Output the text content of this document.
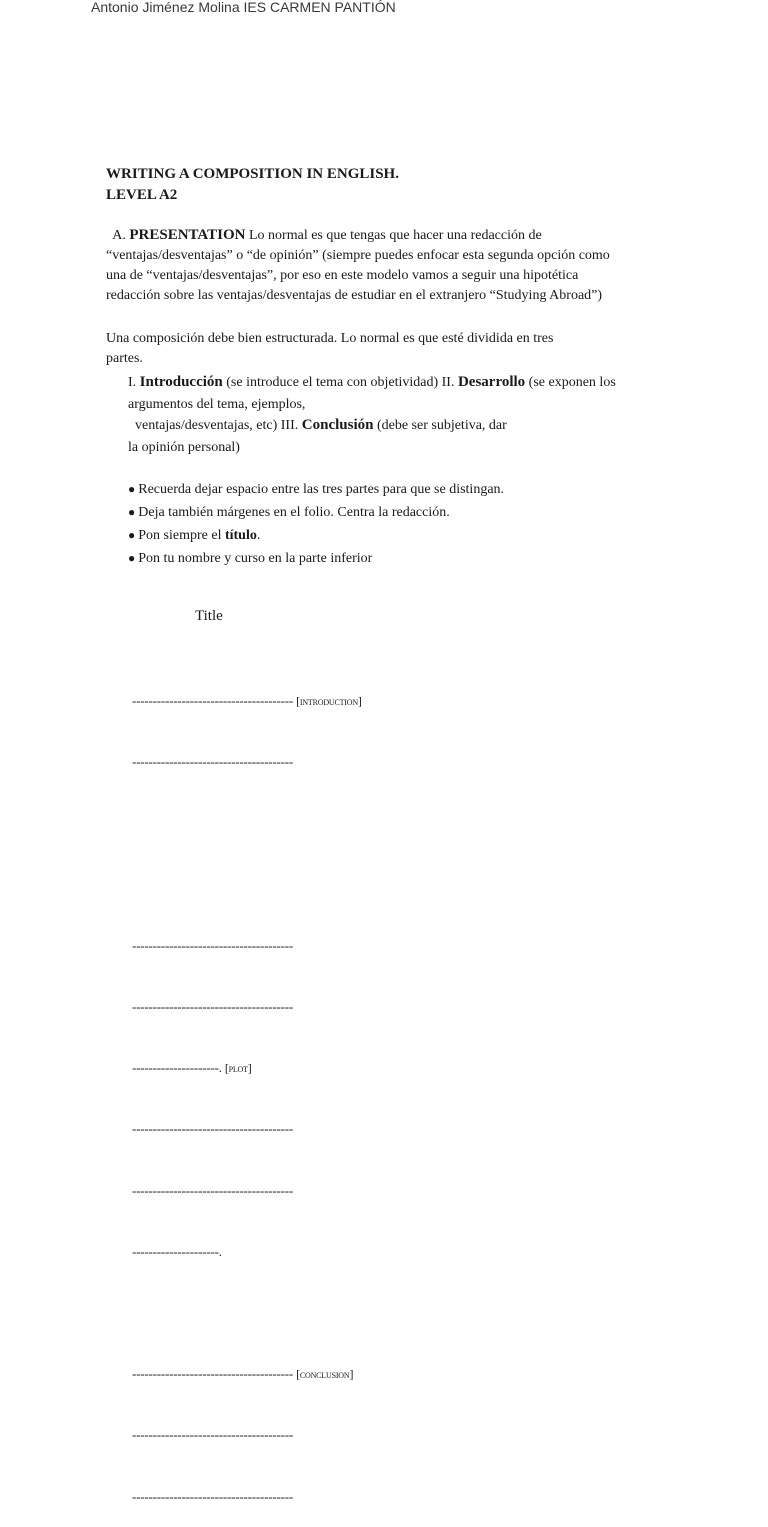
Antonio Jiménez Molina IES CARMEN PANTIÓN
WRITING A COMPOSITION IN ENGLISH.
LEVEL A2
A. PRESENTATION Lo normal es que tengas que hacer una redacción de
“ventajas/desventajas” o “de opinión” (siempre puedes enfocar esta segunda opción como
una de “ventajas/desventajas”, por eso en este modelo vamos a seguir una hipotética
redacción sobre las ventajas/desventajas de estudiar en el extranjero “Studying Abroad”)
Una composición debe bien estructurada. Lo normal es que esté dividida en tres
partes.
I. Introducción (se introduce el tema con objetividad) II. Desarrollo (se exponen los
argumentos del tema, ejemplos,
ventajas/desventajas, etc) III. Conclusión (debe ser subjetiva, dar
la opinión personal)
● Recuerda dejar espacio entre las tres partes para que se distingan.
● Deja también márgenes en el folio. Centra la redacción.
● Pon siempre el título.
● Pon tu nombre y curso en la parte inferior
Title

--------------------------------------- [introduction]

---------------------------------------

---------------------------------------

---------------------------------------

---------------------. [plot]

---------------------------------------

---------------------------------------

---------------------.

--------------------------------------- [conclusion]

---------------------------------------

---------------------------------------
